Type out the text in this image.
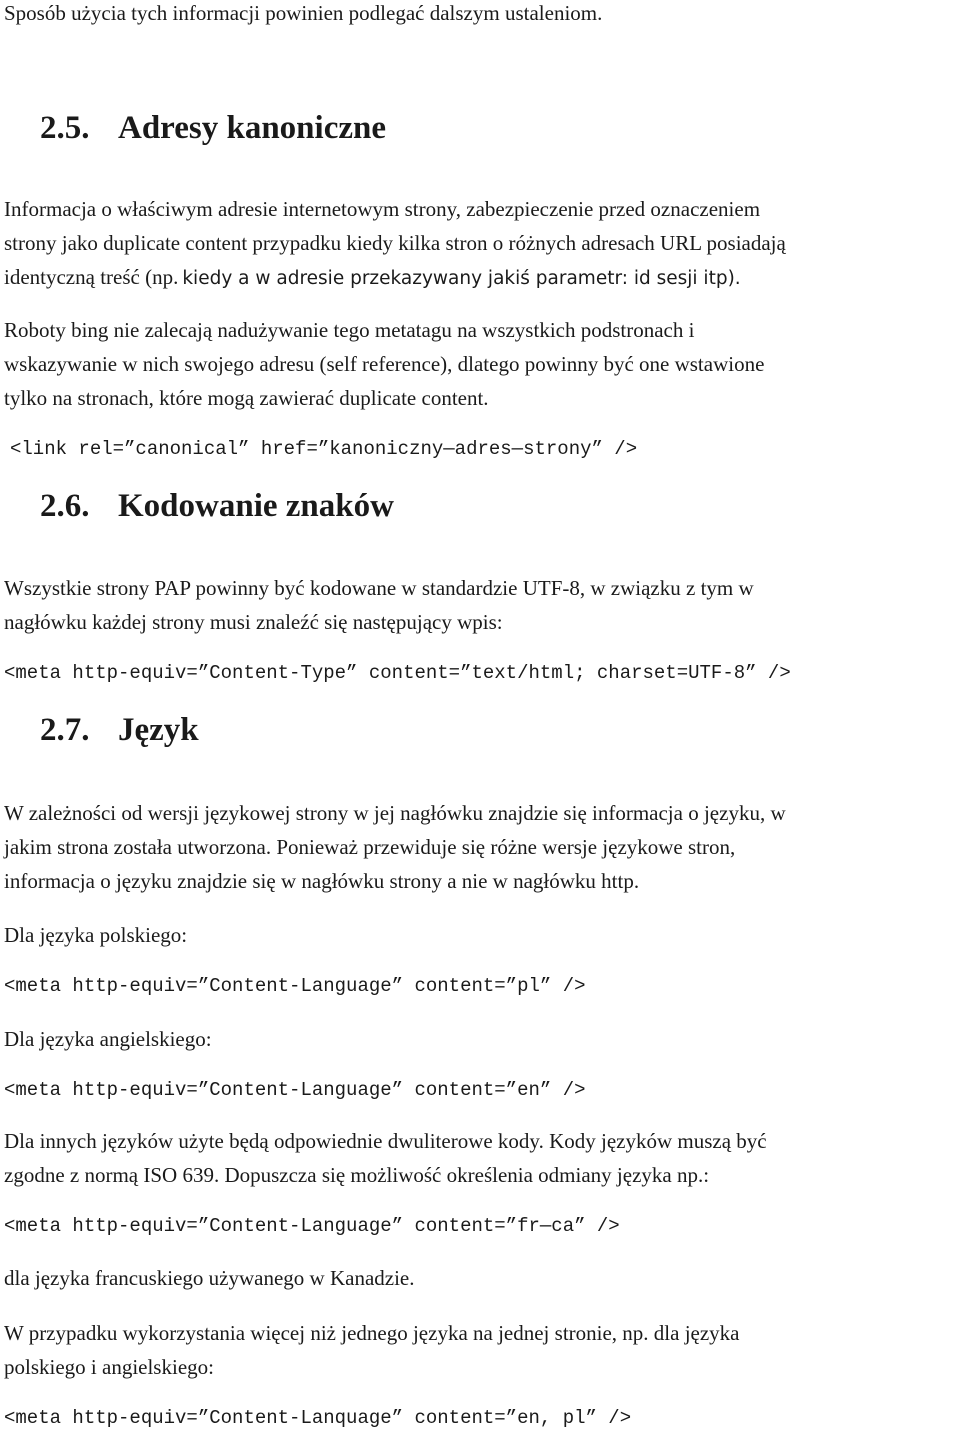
Sposób użycia tych informacji powinien podlegać dalszym ustaleniom.

2.5. Adresy kanoniczne

Informacja o właściwym adresie internetowym strony, zabezpieczenie przed oznaczeniem

strony jako duplicate content przypadku kiedy kilka stron o różnych adresach URL posiadają

identyczną treść (np. kiedy a w adresie przekazywany jakiś parametr: id sesji itp).

Roboty bing nie zalecają nadużywanie tego metatagu na wszystkich podstronach i

wskazywanie w nich swojego adresu (self reference), dlatego powinny być one wstawione

tylko na stronach, które mogą zawierać duplicate content.

<link rel=”canonical” href=”kanoniczny—adres—strony” />

2.6. Kodowanie znaków

Wszystkie strony PAP powinny być kodowane w standardzie UTF-8, w związku z tym w

nagłówku każdej strony musi znaleźć się następujący wpis:

<meta http-equiv=”Content-Type” content=”text/html; charset=UTF-8” />

2.7. Język

W zależności od wersji językowej strony w jej nagłówku znajdzie się informacja o języku, w

jakim strona została utworzona. Ponieważ przewiduje się różne wersje językowe stron,

informacja o języku znajdzie się w nagłówku strony a nie w nagłówku http.

Dla języka polskiego:

<meta http-equiv=”Content-Language” content=”pl” />

Dla języka angielskiego:

<meta http-equiv=”Content-Language” content=”en” />

Dla innych języków użyte będą odpowiednie dwuliterowe kody. Kody języków muszą być

zgodne z normą ISO 639. Dopuszcza się możliwość określenia odmiany języka np.:

<meta http-equiv=”Content-Language” content=”fr—ca” />

dla języka francuskiego używanego w Kanadzie.

W przypadku wykorzystania więcej niż jednego języka na jednej stronie, np. dla języka

polskiego i angielskiego:

<meta http-equiv=”Content-Lanquage” content=”en, pl” />
